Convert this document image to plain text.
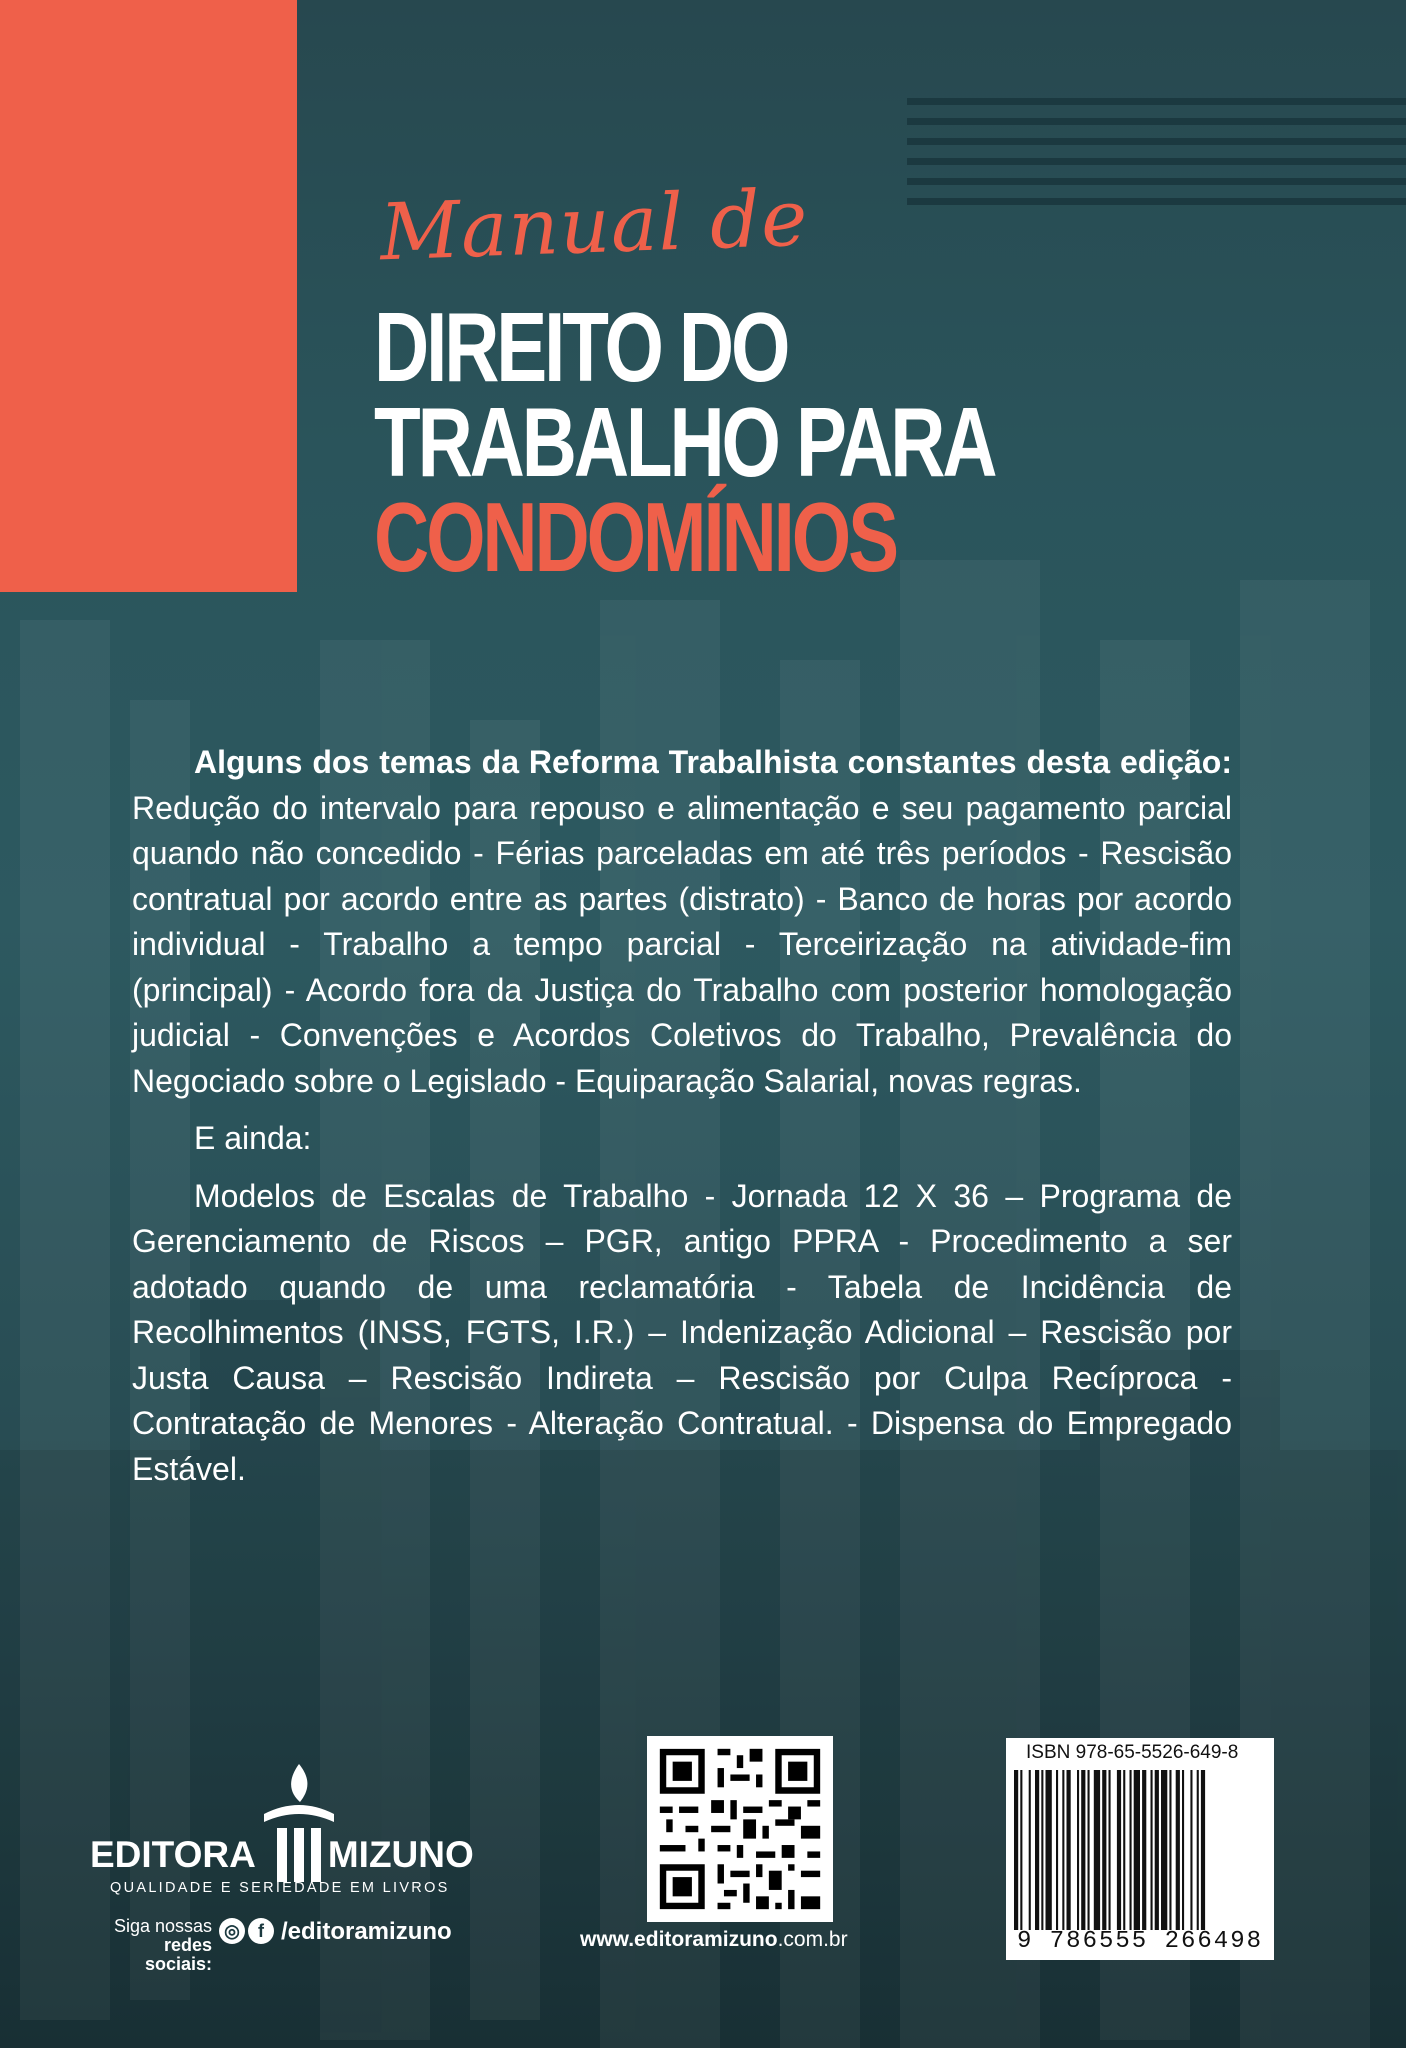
Manual de
DIREITO DO
TRABALHO PARA
CONDOMÍNIOS

Alguns dos temas da Reforma Trabalhista constantes desta edição: Redução do intervalo para repouso e alimentação e seu pagamento parcial quando não concedido - Férias parceladas em até três períodos - Rescisão contratual por acordo entre as partes (distrato) - Banco de horas por acordo individual - Trabalho a tempo parcial - Terceirização na atividade-fim (principal) - Acordo fora da Justiça do Trabalho com posterior homologação judicial - Convenções e Acordos Coletivos do Trabalho, Prevalência do Negociado sobre o Legislado - Equiparação Salarial, novas regras.

E ainda:

Modelos de Escalas de Trabalho - Jornada 12 X 36 – Programa de Gerenciamento de Riscos – PGR, antigo PPRA - Procedimento a ser adotado quando de uma reclamatória - Tabela de Incidência de Recolhimentos (INSS, FGTS, I.R.) – Indenização Adicional – Rescisão por Justa Causa – Rescisão Indireta – Rescisão por Culpa Recíproca - Contratação de Menores - Alteração Contratual. - Dispensa do Empregado Estável.

EDITORA MIZUNO
QUALIDADE E SERIEDADE EM LIVROS
Siga nossas
redes sociais:
◎ f /editoramizuno	www.editoramizuno.com.br
ISBN 978-65-5526-649-8
9 786555 266498
